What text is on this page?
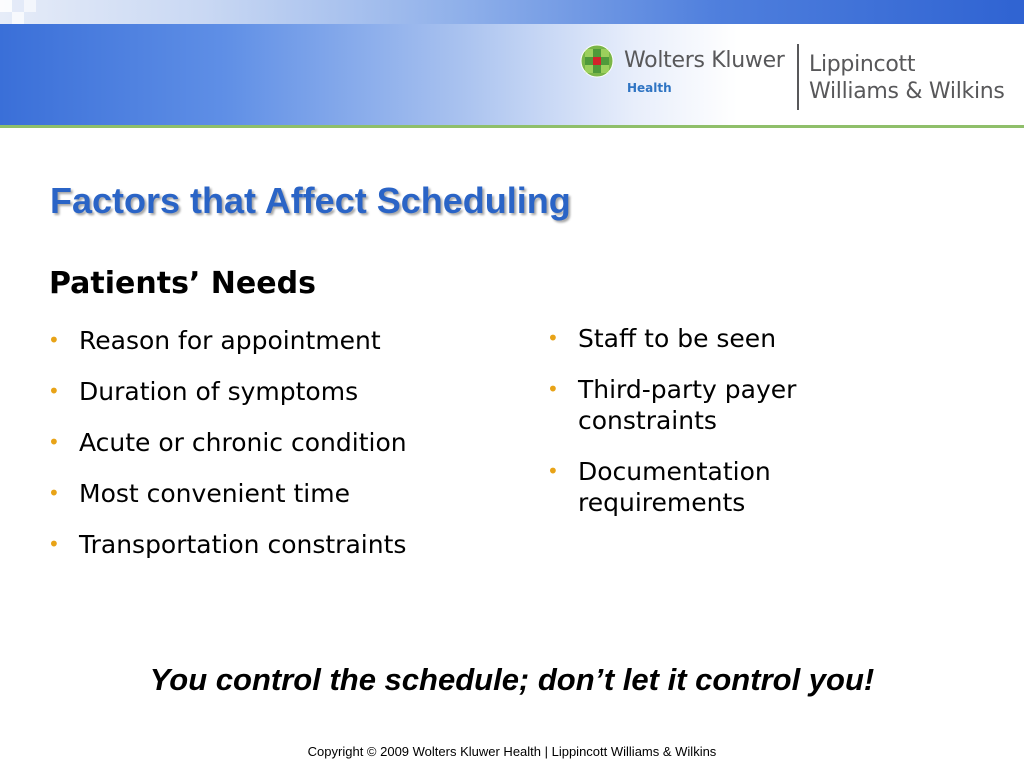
Wolters Kluwer
Health
Lippincott
Williams & Wilkins
Factors that Affect Scheduling
Patients’ Needs
• Reason for appointment
• Duration of symptoms
• Acute or chronic condition
• Most convenient time
• Transportation constraints
• Staff to be seen
• Third-party payer constraints
• Documentation requirements
You control the schedule; don’t let it control you!
Copyright © 2009 Wolters Kluwer Health | Lippincott Williams & Wilkins
